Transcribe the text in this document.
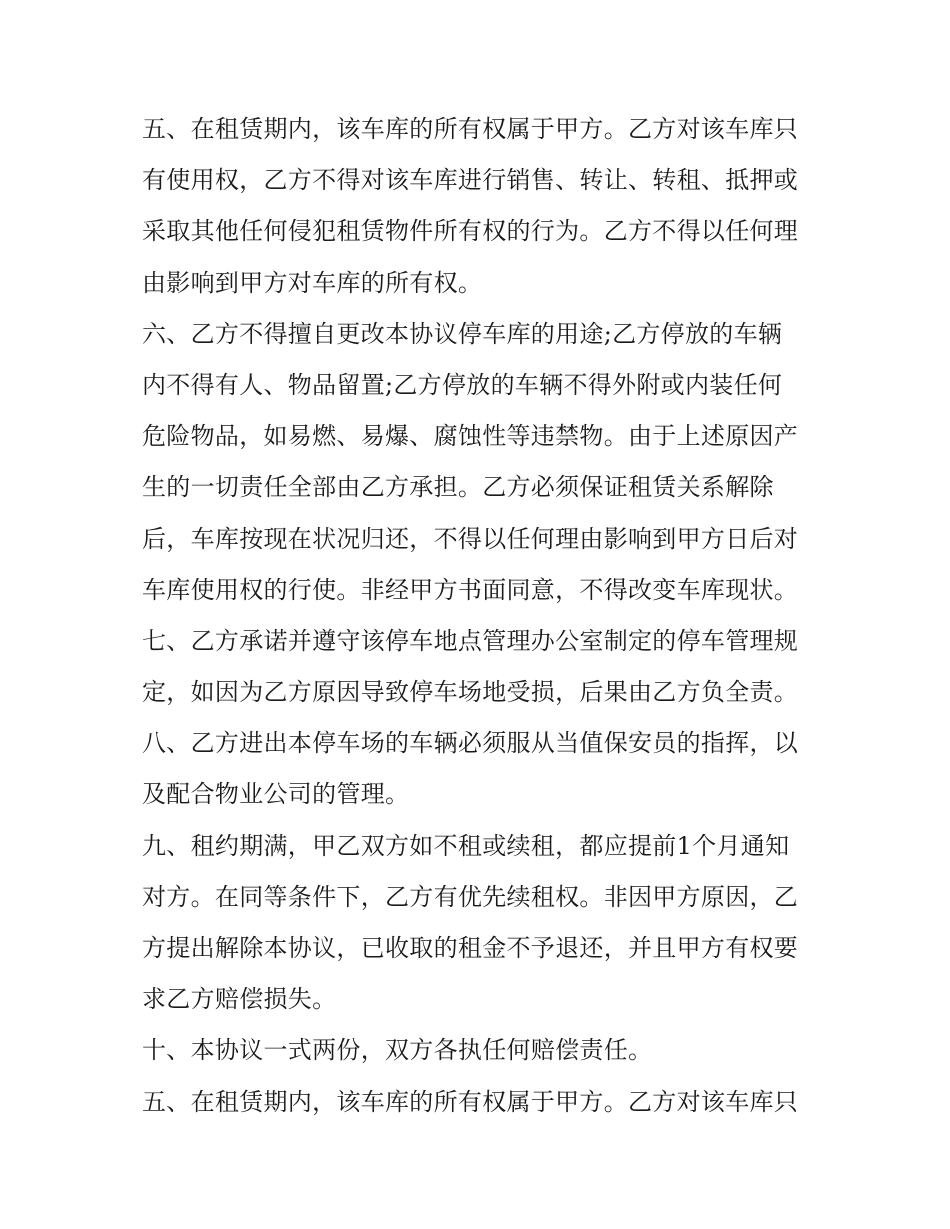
五、在租赁期内，该车库的所有权属于甲方。乙方对该车库只
有使用权，乙方不得对该车库进行销售、转让、转租、抵押或
采取其他任何侵犯租赁物件所有权的行为。乙方不得以任何理
由影响到甲方对车库的所有权。
六、乙方不得擅自更改本协议停车库的用途;乙方停放的车辆
内不得有人、物品留置;乙方停放的车辆不得外附或内装任何
危险物品，如易燃、易爆、腐蚀性等违禁物。由于上述原因产
生的一切责任全部由乙方承担。乙方必须保证租赁关系解除
后，车库按现在状况归还，不得以任何理由影响到甲方日后对
车库使用权的行使。非经甲方书面同意，不得改变车库现状。
七、乙方承诺并遵守该停车地点管理办公室制定的停车管理规
定，如因为乙方原因导致停车场地受损，后果由乙方负全责。
八、乙方进出本停车场的车辆必须服从当值保安员的指挥，以
及配合物业公司的管理。
九、租约期满，甲乙双方如不租或续租，都应提前1个月通知
对方。在同等条件下，乙方有优先续租权。非因甲方原因，乙
方提出解除本协议，已收取的租金不予退还，并且甲方有权要
求乙方赔偿损失。
十、本协议一式两份，双方各执任何赔偿责任。
五、在租赁期内，该车库的所有权属于甲方。乙方对该车库只
